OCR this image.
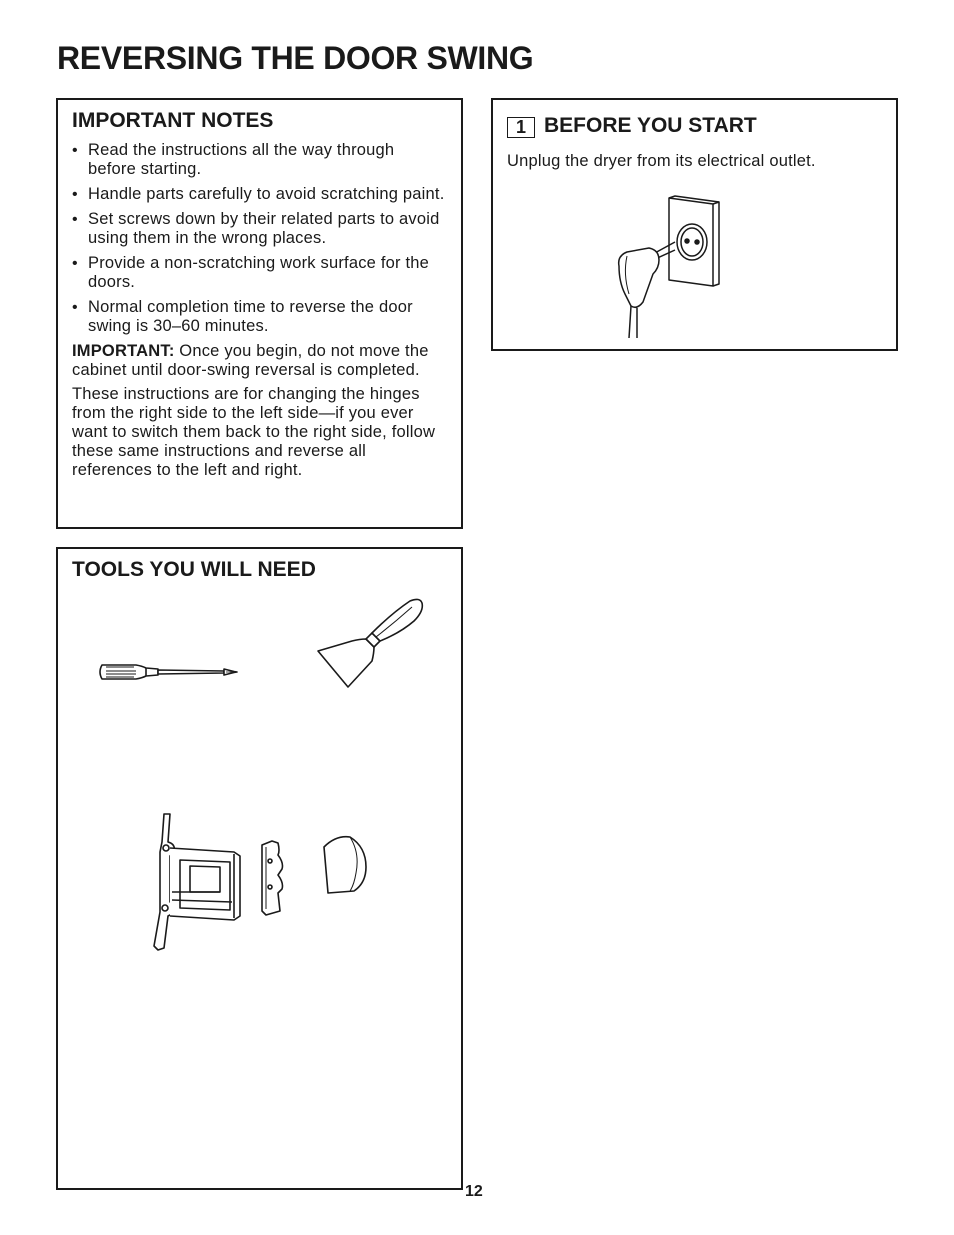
REVERSING THE DOOR SWING
IMPORTANT NOTES
• Read the instructions all the way through before starting.
• Handle parts carefully to avoid scratching paint.
• Set screws down by their related parts to avoid using them in the wrong places.
• Provide a non-scratching work surface for the doors.
• Normal completion time to reverse the door swing is 30–60 minutes.

IMPORTANT: Once you begin, do not move the cabinet until door-swing reversal is completed.

These instructions are for changing the hinges from the right side to the left side—if you ever want to switch them back to the right side, follow these same instructions and reverse all references to the left and right.

TOOLS YOU WILL NEED
1 BEFORE YOU START

Unplug the dryer from its electrical outlet.

12
